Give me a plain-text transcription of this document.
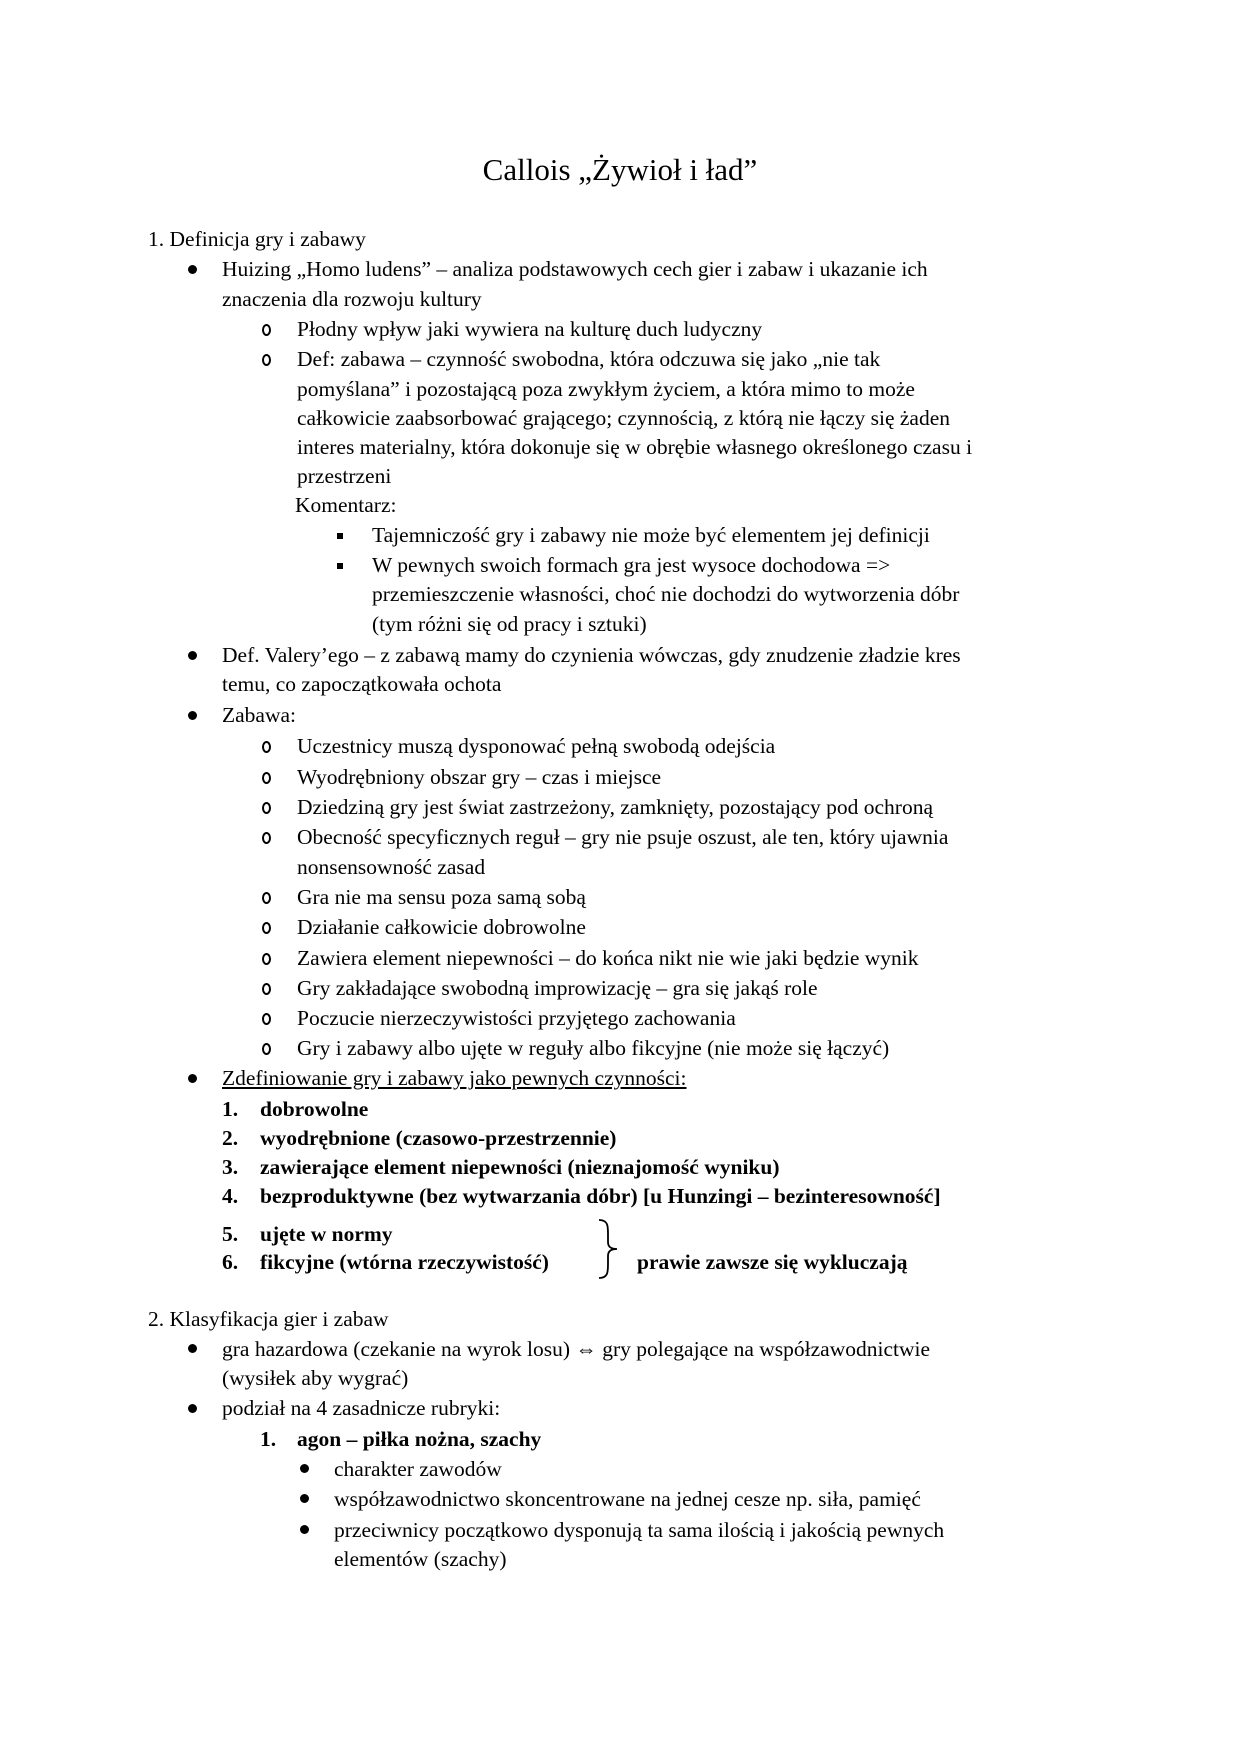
Callois „Żywioł i ład”
1. Definicja gry i zabawy
Huizing „Homo ludens” – analiza podstawowych cech gier i zabaw i ukazanie ich
znaczenia dla rozwoju kultury
Płodny wpływ jaki wywiera na kulturę duch ludyczny
Def: zabawa – czynność swobodna, która odczuwa się jako „nie tak
pomyślana” i pozostającą poza zwykłym życiem, a która mimo to może
całkowicie zaabsorbować grającego; czynnością, z którą nie łączy się żaden
interes materialny, która dokonuje się w obrębie własnego określonego czasu i
przestrzeni
Komentarz:
Tajemniczość gry i zabawy nie może być elementem jej definicji
W pewnych swoich formach gra jest wysoce dochodowa =>
przemieszczenie własności, choć nie dochodzi do wytworzenia dóbr
(tym różni się od pracy i sztuki)
Def. Valery’ego – z zabawą mamy do czynienia wówczas, gdy znudzenie zładzie kres
temu, co zapoczątkowała ochota
Zabawa:
Uczestnicy muszą dysponować pełną swobodą odejścia
Wyodrębniony obszar gry – czas i miejsce
Dziedziną gry jest świat zastrzeżony, zamknięty, pozostający pod ochroną
Obecność specyficznych reguł – gry nie psuje oszust, ale ten, który ujawnia
nonsensowność zasad
Gra nie ma sensu poza samą sobą
Działanie całkowicie dobrowolne
Zawiera element niepewności – do końca nikt nie wie jaki będzie wynik
Gry zakładające swobodną improwizację – gra się jakąś role
Poczucie nierzeczywistości przyjętego zachowania
Gry i zabawy albo ujęte w reguły albo fikcyjne (nie może się łączyć)
Zdefiniowanie gry i zabawy jako pewnych czynności:
1. dobrowolne
2. wyodrębnione (czasowo-przestrzennie)
3. zawierające element niepewności (nieznajomość wyniku)
4. bezproduktywne (bez wytwarzania dóbr) [u Hunzingi – bezinteresowność]
5. ujęte w normy
6. fikcyjne (wtórna rzeczywistość)	prawie zawsze się wykluczają
2. Klasyfikacja gier i zabaw
gra hazardowa (czekanie na wyrok losu) ⇔ gry polegające na współzawodnictwie
(wysiłek aby wygrać)
podział na 4 zasadnicze rubryki:
1. agon – piłka nożna, szachy
charakter zawodów
współzawodnictwo skoncentrowane na jednej cesze np. siła, pamięć
przeciwnicy początkowo dysponują ta sama ilością i jakością pewnych
elementów (szachy)
